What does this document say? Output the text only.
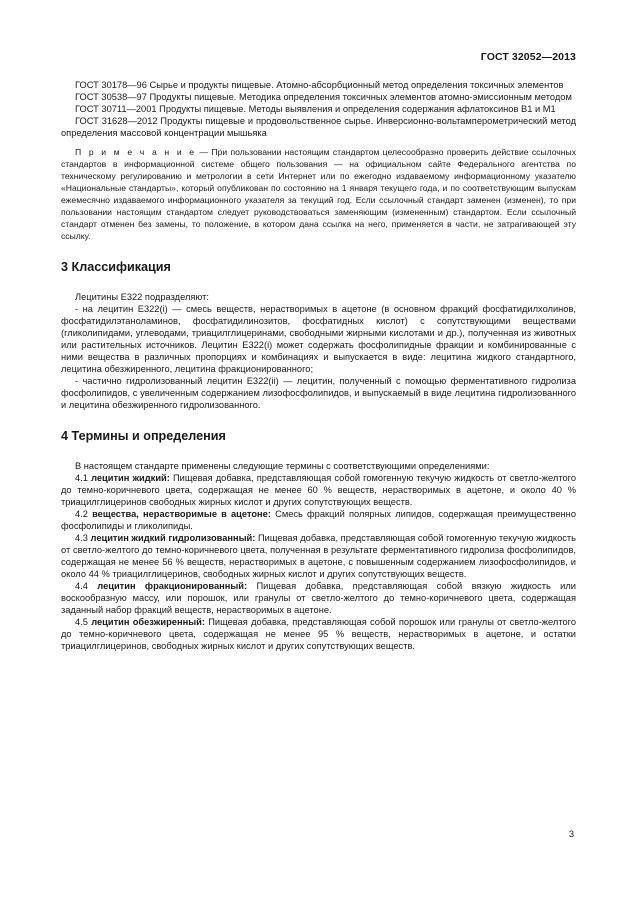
ГОСТ 32052—2013

ГОСТ 30178—96 Сырье и продукты пищевые. Атомно-абсорбционный метод определения токсичных элементов

ГОСТ 30538—97 Продукты пищевые. Методика определения токсичных элементов атомно-эмиссионным методом

ГОСТ 30711—2001 Продукты пищевые. Методы выявления и определения содержания афлатоксинов В1 и М1

ГОСТ 31628—2012 Продукты пищевые и продовольственное сырье. Инверсионно-вольтамперометрический метод определения массовой концентрации мышьяка

П р и м е ч а н и е — При пользовании настоящим стандартом целесообразно проверить действие ссылочных стандартов в информационной системе общего пользования — на официальном сайте Федерального агентства по техническому регулированию и метрологии в сети Интернет или по ежегодно издаваемому информационному указателю «Национальные стандарты», который опубликован по состоянию на 1 января текущего года, и по соответствующим выпускам ежемесячно издаваемого информационного указателя за текущий год. Если ссылочный стандарт заменен (изменен), то при пользовании настоящим стандартом следует руководствоваться заменяющим (измененным) стандартом. Если ссылочный стандарт отменен без замены, то положение, в котором дана ссылка на него, применяется в части, не затрагивающей эту ссылку.

3 Классификация

Лецитины Е322 подразделяют:

- на лецитин Е322(i) — смесь веществ, нерастворимых в ацетоне (в основном фракций фосфатидилхолинов, фосфатидилэтаноламинов, фосфатидилинозитов, фосфатидных кислот) с сопутствующими веществами (гликолипидами, углеводами, триацилглицеринами, свободными жирными кислотами и др.), полученная из животных или растительных источников. Лецитин Е322(i) может содержать фосфолипидные фракции и комбинированные с ними вещества в различных пропорциях и комбинациях и выпускается в виде: лецитина жидкого стандартного, лецитина обезжиренного, лецитина фракционированного;

- частично гидролизованный лецитин Е322(ii) — лецитин, полученный с помощью ферментативного гидролиза фосфолипидов, с увеличенным содержанием лизофосфолипидов, и выпускаемый в виде лецитина гидролизованного и лецитина обезжиренного гидролизованного.

4 Термины и определения

В настоящем стандарте применены следующие термины с соответствующими определениями:

4.1 лецитин жидкий: Пищевая добавка, представляющая собой гомогенную текучую жидкость от светло-желтого до темно-коричневого цвета, содержащая не менее 60 % веществ, нерастворимых в ацетоне, и около 40 % триацилглицеринов свободных жирных кислот и других сопутствующих веществ.

4.2 вещества, нерастворимые в ацетоне: Смесь фракций полярных липидов, содержащая преимущественно фосфолипиды и гликолипиды.

4.3 лецитин жидкий гидролизованный: Пищевая добавка, представляющая собой гомогенную текучую жидкость от светло-желтого до темно-коричневого цвета, полученная в результате ферментативного гидролиза фосфолипидов, содержащая не менее 56 % веществ, нерастворимых в ацетоне, с повышенным содержанием лизофосфолипидов, и около 44 % триацилглицеринов, свободных жирных кислот и других сопутствующих веществ.

4.4 лецитин фракционированный: Пищевая добавка, представляющая собой вязкую жидкость или воскообразную массу, или порошок, или гранулы от светло-желтого до темно-коричневого цвета, содержащая заданный набор фракций веществ, нерастворимых в ацетоне.

4.5 лецитин обезжиренный: Пищевая добавка, представляющая собой порошок или гранулы от светло-желтого до темно-коричневого цвета, содержащая не менее 95 % веществ, нерастворимых в ацетоне, и остатки триацилглицеринов, свободных жирных кислот и других сопутствующих веществ.

3
